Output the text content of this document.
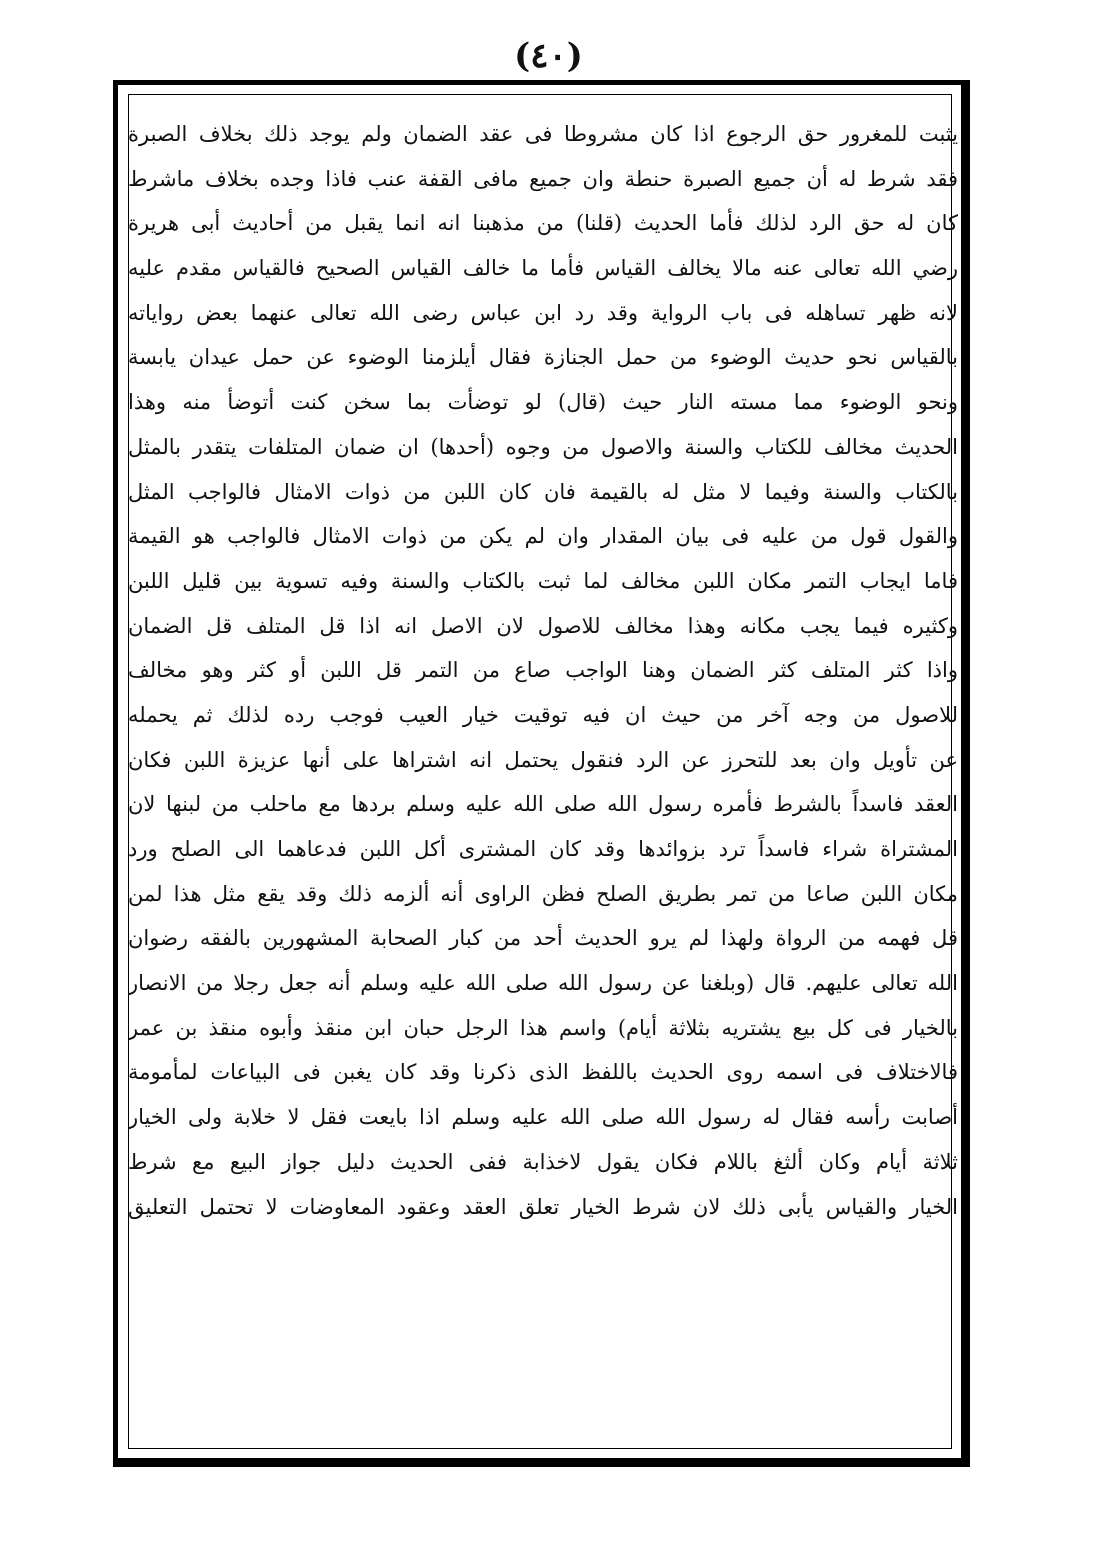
(٤٠)
يثبت للمغرور حق الرجوع اذا كان مشروطا فى عقد الضمان ولم يوجد ذلك بخلاف الصبرة
فقد شرط له أن جميع الصبرة حنطة وان جميع مافى القفة عنب فاذا وجده بخلاف ماشرط
كان له حق الرد لذلك فأما الحديث (قلنا) من مذهبنا انه انما يقبل من أحاديث أبى هريرة
رضي الله تعالى عنه مالا يخالف القياس فأما ما خالف القياس الصحيح فالقياس مقدم عليه
لانه ظهر تساهله فى باب الرواية وقد رد ابن عباس رضى الله تعالى عنهما بعض رواياته
بالقياس نحو حديث الوضوء من حمل الجنازة فقال أيلزمنا الوضوء عن حمل عيدان يابسة
ونحو الوضوء مما مسته النار حيث (قال) لو توضأت بما سخن كنت أتوضأ منه وهذا
الحديث مخالف للكتاب والسنة والاصول من وجوه (أحدها) ان ضمان المتلفات يتقدر بالمثل
بالكتاب والسنة وفيما لا مثل له بالقيمة فان كان اللبن من ذوات الامثال فالواجب المثل
والقول قول من عليه فى بيان المقدار وان لم يكن من ذوات الامثال فالواجب هو القيمة
فاما ايجاب التمر مكان اللبن مخالف لما ثبت بالكتاب والسنة وفيه تسوية بين قليل اللبن
وكثيره فيما يجب مكانه وهذا مخالف للاصول لان الاصل انه اذا قل المتلف قل الضمان
واذا كثر المتلف كثر الضمان وهنا الواجب صاع من التمر قل اللبن أو كثر وهو مخالف
للاصول من وجه آخر من حيث ان فيه توقيت خيار العيب فوجب رده لذلك ثم يحمله
عن تأويل وان بعد للتحرز عن الرد فنقول يحتمل انه اشتراها على أنها عزيزة اللبن فكان
العقد فاسداً بالشرط فأمره رسول الله صلى الله عليه وسلم بردها مع ماحلب من لبنها لان
المشتراة شراء فاسداً ترد بزوائدها وقد كان المشترى أكل اللبن فدعاهما الى الصلح ورد
مكان اللبن صاعا من تمر بطريق الصلح فظن الراوى أنه ألزمه ذلك وقد يقع مثل هذا لمن
قل فهمه من الرواة ولهذا لم يرو الحديث أحد من كبار الصحابة المشهورين بالفقه رضوان
الله تعالى عليهم. قال (وبلغنا عن رسول الله صلى الله عليه وسلم أنه جعل رجلا من الانصار
بالخيار فى كل بيع يشتريه بثلاثة أيام) واسم هذا الرجل حبان ابن منقذ وأبوه منقذ بن عمر
فالاختلاف فى اسمه روى الحديث باللفظ الذى ذكرنا وقد كان يغبن فى البياعات لمأمومة
أصابت رأسه فقال له رسول الله صلى الله عليه وسلم اذا بايعت فقل لا خلابة ولى الخيار
ثلاثة أيام وكان ألثغ باللام فكان يقول لاخذابة ففى الحديث دليل جواز البيع مع شرط
الخيار والقياس يأبى ذلك لان شرط الخيار تعلق العقد وعقود المعاوضات لا تحتمل التعليق
